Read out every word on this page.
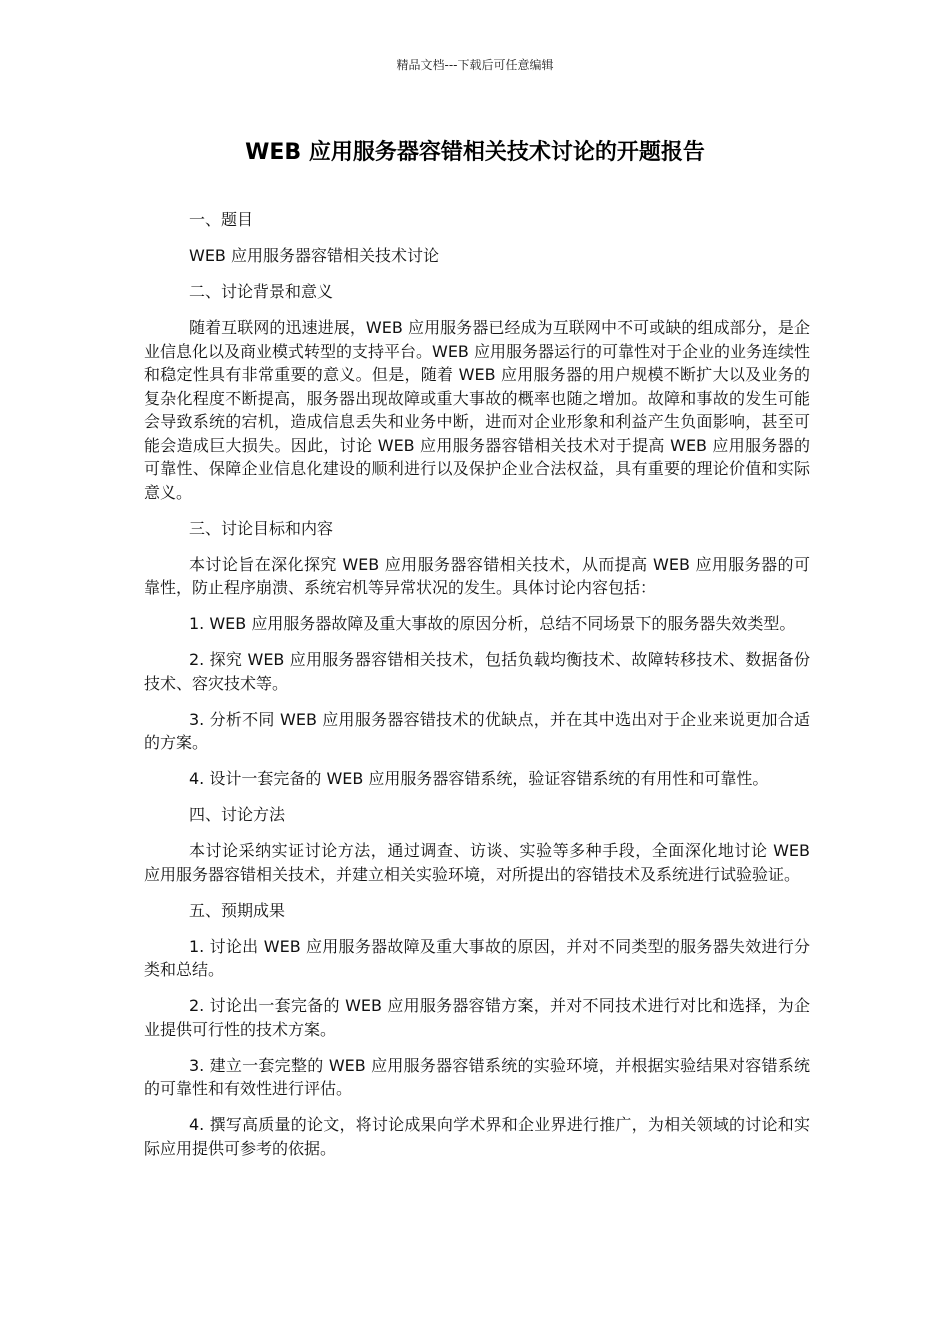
精品文档---下载后可任意编辑
WEB 应用服务器容错相关技术讨论的开题报告

一、题目

WEB 应用服务器容错相关技术讨论

二、讨论背景和意义

随着互联网的迅速进展，WEB 应用服务器已经成为互联网中不可或缺的组成部分，是企业信息化以及商业模式转型的支持平台。WEB 应用服务器运行的可靠性对于企业的业务连续性和稳定性具有非常重要的意义。但是，随着 WEB 应用服务器的用户规模不断扩大以及业务的复杂化程度不断提高，服务器出现故障或重大事故的概率也随之增加。故障和事故的发生可能会导致系统的宕机，造成信息丢失和业务中断，进而对企业形象和利益产生负面影响，甚至可能会造成巨大损失。因此，讨论 WEB 应用服务器容错相关技术对于提高 WEB 应用服务器的可靠性、保障企业信息化建设的顺利进行以及保护企业合法权益，具有重要的理论价值和实际意义。

三、讨论目标和内容

本讨论旨在深化探究 WEB 应用服务器容错相关技术，从而提高 WEB 应用服务器的可靠性，防止程序崩溃、系统宕机等异常状况的发生。具体讨论内容包括：

1. WEB 应用服务器故障及重大事故的原因分析，总结不同场景下的服务器失效类型。

2. 探究 WEB 应用服务器容错相关技术，包括负载均衡技术、故障转移技术、数据备份技术、容灾技术等。

3. 分析不同 WEB 应用服务器容错技术的优缺点，并在其中选出对于企业来说更加合适的方案。

4. 设计一套完备的 WEB 应用服务器容错系统，验证容错系统的有用性和可靠性。

四、讨论方法

本讨论采纳实证讨论方法，通过调查、访谈、实验等多种手段，全面深化地讨论 WEB 应用服务器容错相关技术，并建立相关实验环境，对所提出的容错技术及系统进行试验验证。

五、预期成果

1. 讨论出 WEB 应用服务器故障及重大事故的原因，并对不同类型的服务器失效进行分类和总结。

2. 讨论出一套完备的 WEB 应用服务器容错方案，并对不同技术进行对比和选择，为企业提供可行性的技术方案。

3. 建立一套完整的 WEB 应用服务器容错系统的实验环境，并根据实验结果对容错系统的可靠性和有效性进行评估。

4. 撰写高质量的论文，将讨论成果向学术界和企业界进行推广，为相关领域的讨论和实际应用提供可参考的依据。
